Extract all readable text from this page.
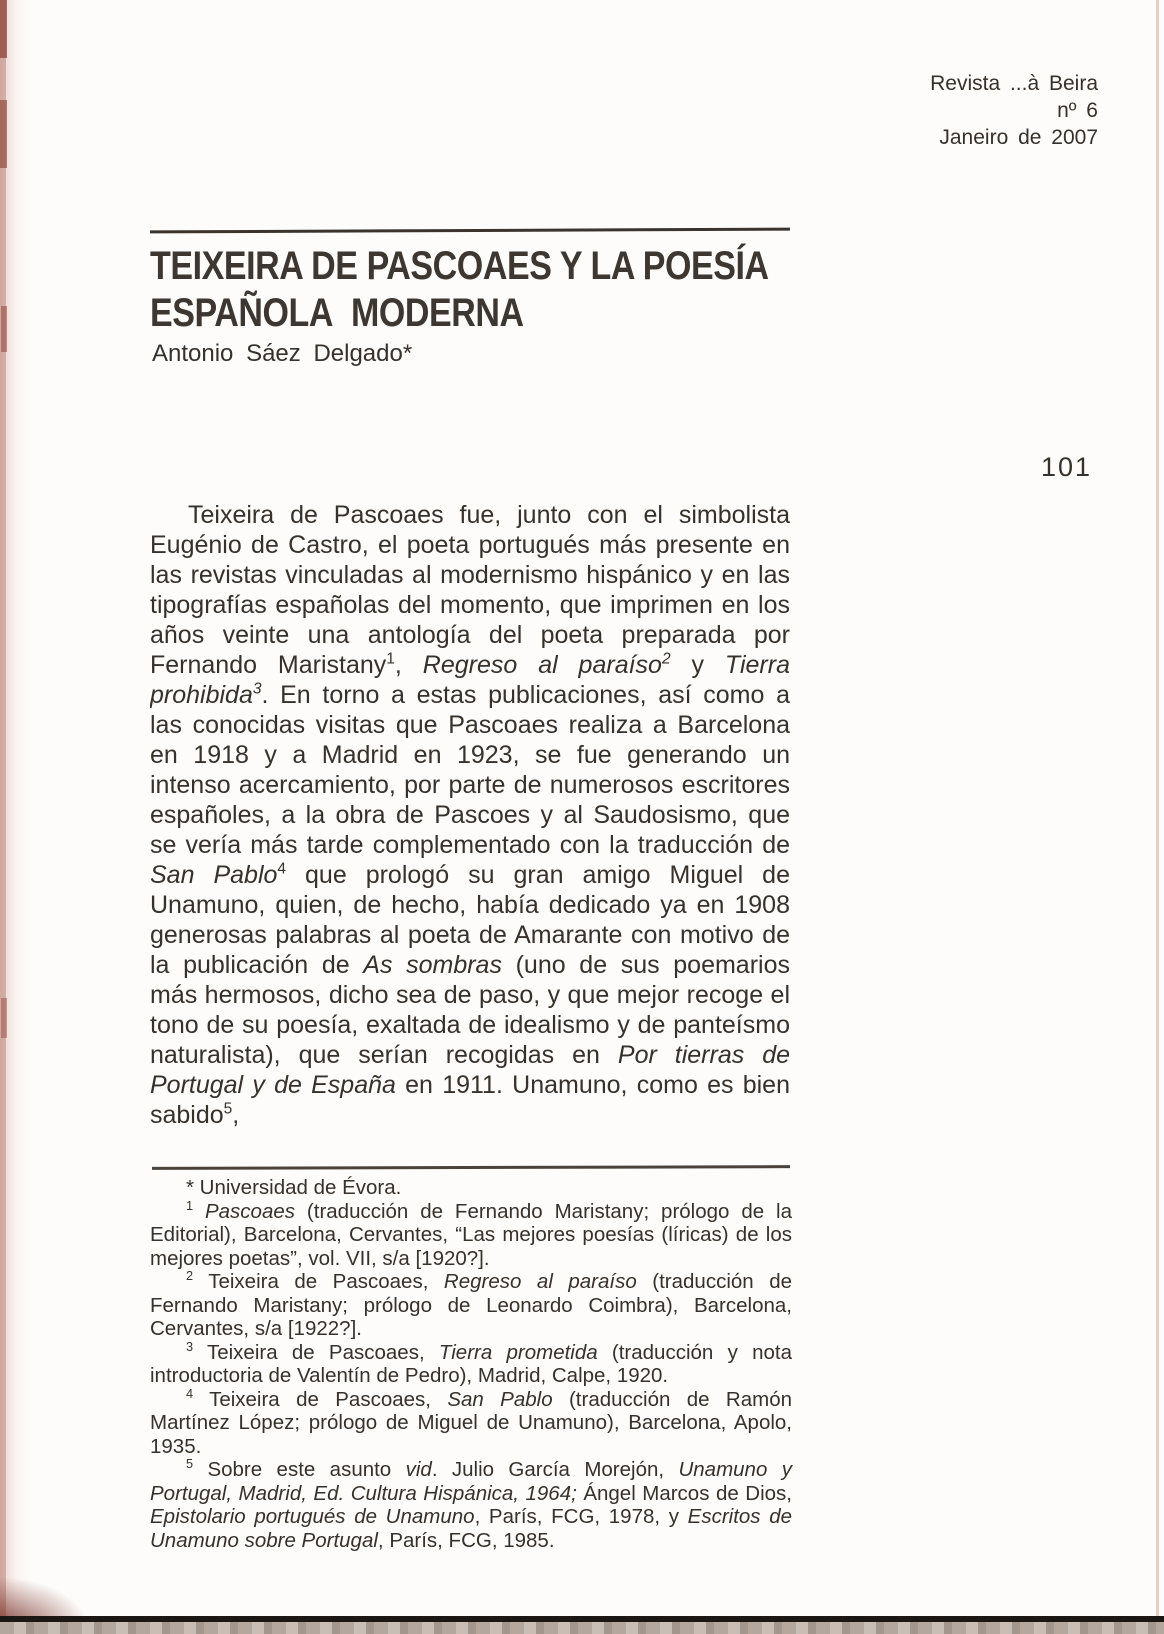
Revista ...à Beira
nº 6
Janeiro de 2007
TEIXEIRA DE PASCOAES Y LA POESÍA
ESPAÑOLA MODERNA
Antonio Sáez Delgado*
101

Teixeira de Pascoaes fue, junto con el simbolista Eugénio de Castro, el poeta portugués más presente en las revistas vinculadas al modernismo hispánico y en las tipografías españolas del momento, que imprimen en los años veinte una antología del poeta preparada por Fernando Maristany$^1$, Regreso al paraíso$^2$ y Tierra prohibida$^3$. En torno a estas publicaciones, así como a las conocidas visitas que Pascoaes realiza a Barcelona en 1918 y a Madrid en 1923, se fue generando un intenso acercamiento, por parte de numerosos escritores españoles, a la obra de Pascoes y al Saudosismo, que se vería más tarde complementado con la traducción de San Pablo$^4$ que prologó su gran amigo Miguel de Unamuno, quien, de hecho, había dedicado ya en 1908 generosas palabras al poeta de Amarante con motivo de la publicación de As sombras (uno de sus poemarios más hermosos, dicho sea de paso, y que mejor recoge el tono de su poesía, exaltada de idealismo y de panteísmo naturalista), que serían recogidas en Por tierras de Portugal y de España en 1911. Unamuno, como es bien sabido$^5$,

* Universidad de Évora.

$^1$ Pascoaes (traducción de Fernando Maristany; prólogo de la Editorial), Barcelona, Cervantes, “Las mejores poesías (líricas) de los mejores poetas”, vol. VII, s/a [1920?].

$^2$ Teixeira de Pascoaes, Regreso al paraíso (traducción de Fernando Maristany; prólogo de Leonardo Coimbra), Barcelona, Cervantes, s/a [1922?].

$^3$ Teixeira de Pascoaes, Tierra prometida (traducción y nota introductoria de Valentín de Pedro), Madrid, Calpe, 1920.

$^4$ Teixeira de Pascoaes, San Pablo (traducción de Ramón Martínez López; prólogo de Miguel de Unamuno), Barcelona, Apolo, 1935.

$^5$ Sobre este asunto vid. Julio García Morejón, Unamuno y Portugal, Madrid, Ed. Cultura Hispánica, 1964; Ángel Marcos de Dios, Epistolario portugués de Unamuno, París, FCG, 1978, y Escritos de Unamuno sobre Portugal, París, FCG, 1985.
